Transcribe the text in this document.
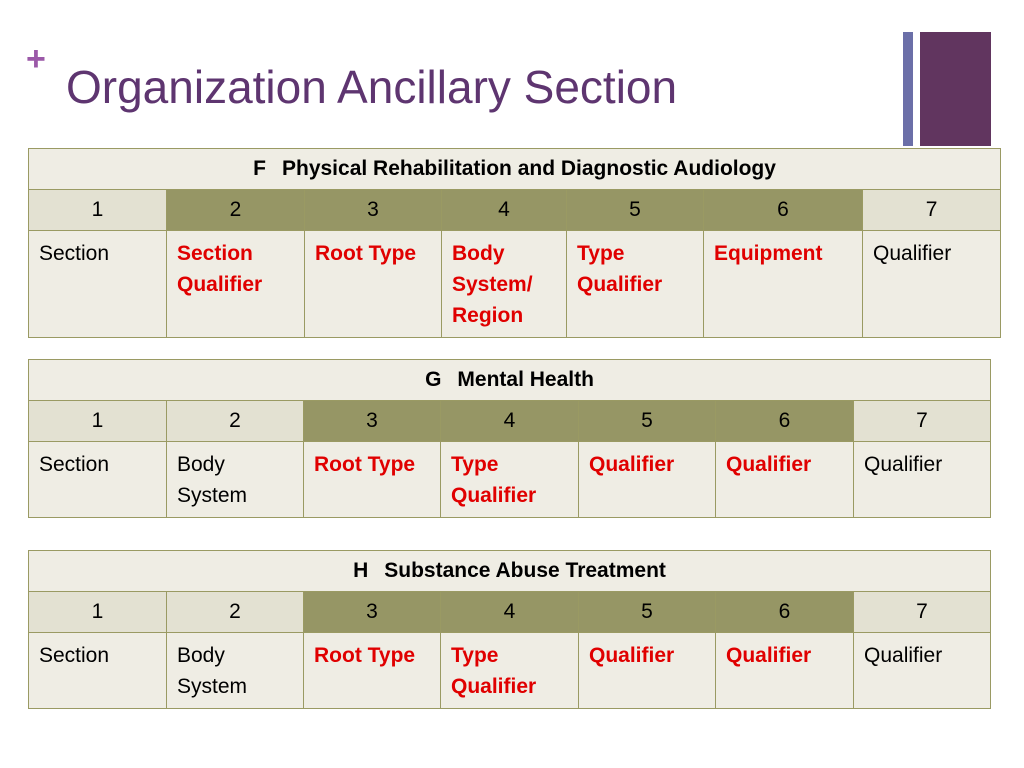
+
Organization Ancillary Section
F Physical Rehabilitation and Diagnostic Audiology						
1	2	3	4	5	6	7
Section	Section Qualifier	Root Type	Body System/ Region	Type Qualifier	Equipment	Qualifier
G Mental Health						
1	2	3	4	5	6	7
Section	Body System	Root Type	Type Qualifier	Qualifier	Qualifier	Qualifier
H Substance Abuse Treatment						
1	2	3	4	5	6	7
Section	Body System	Root Type	Type Qualifier	Qualifier	Qualifier	Qualifier
